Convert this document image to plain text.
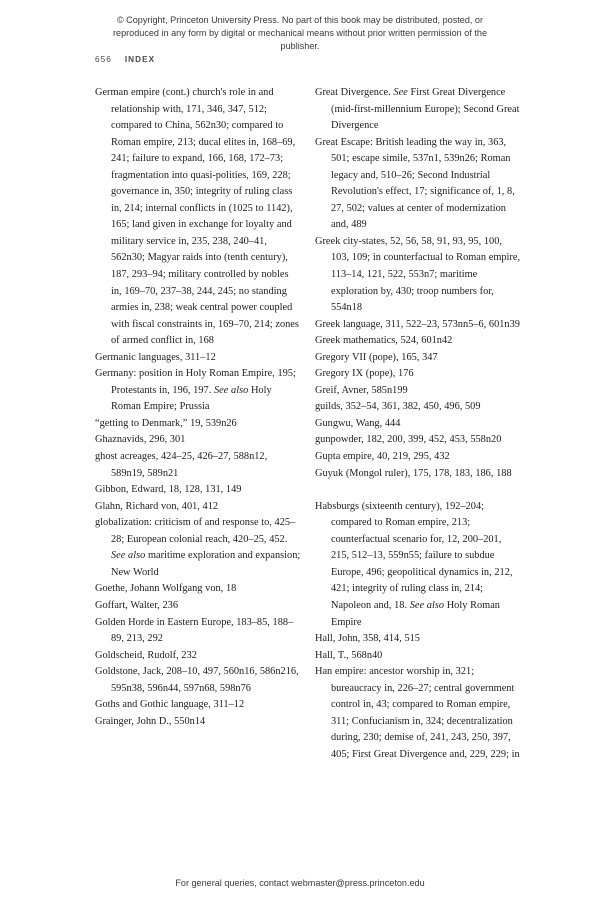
© Copyright, Princeton University Press. No part of this book may be distributed, posted, or reproduced in any form by digital or mechanical means without prior written permission of the publisher.
656 INDEX

German empire (cont.) church's role in and relationship with, 171, 346, 347, 512; compared to China, 562n30; compared to Roman empire, 213; ducal elites in, 168–69, 241; failure to expand, 166, 168, 172–73; fragmentation into quasi-polities, 169, 228; governance in, 350; integrity of ruling class in, 214; internal conflicts in (1025 to 1142), 165; land given in exchange for loyalty and military service in, 235, 238, 240–41, 562n30; Magyar raids into (tenth century), 187, 293–94; military controlled by nobles in, 169–70, 237–38, 244, 245; no standing armies in, 238; weak central power coupled with fiscal constraints in, 169–70, 214; zones of armed conflict in, 168

Germanic languages, 311–12

Germany: position in Holy Roman Empire, 195; Protestants in, 196, 197. See also Holy Roman Empire; Prussia

“getting to Denmark,” 19, 539n26

Ghaznavids, 296, 301

ghost acreages, 424–25, 426–27, 588n12, 589n19, 589n21

Gibbon, Edward, 18, 128, 131, 149

Glahn, Richard von, 401, 412

globalization: criticism of and response to, 425–28; European colonial reach, 420–25, 452. See also maritime exploration and expansion; New World

Goethe, Johann Wolfgang von, 18

Goffart, Walter, 236

Golden Horde in Eastern Europe, 183–85, 188–89, 213, 292

Goldscheid, Rudolf, 232

Goldstone, Jack, 208–10, 497, 560n16, 586n216, 595n38, 596n44, 597n68, 598n76

Goths and Gothic language, 311–12

Grainger, John D., 550n14

Great Divergence. See First Great Divergence (mid-first-millennium Europe); Second Great Divergence

Great Escape: British leading the way in, 363, 501; escape simile, 537n1, 539n26; Roman legacy and, 510–26; Second Industrial Revolution's effect, 17; significance of, 1, 8, 27, 502; values at center of modernization and, 489

Greek city-states, 52, 56, 58, 91, 93, 95, 100, 103, 109; in counterfactual to Roman empire, 113–14, 121, 522, 553n7; maritime exploration by, 430; troop numbers for, 554n18

Greek language, 311, 522–23, 573nn5–6, 601n39

Greek mathematics, 524, 601n42

Gregory VII (pope), 165, 347

Gregory IX (pope), 176

Greif, Avner, 585n199

guilds, 352–54, 361, 382, 450, 496, 509

Gungwu, Wang, 444

gunpowder, 182, 200, 399, 452, 453, 558n20

Gupta empire, 40, 219, 295, 432

Guyuk (Mongol ruler), 175, 178, 183, 186, 188

Habsburgs (sixteenth century), 192–204; compared to Roman empire, 213; counterfactual scenario for, 12, 200–201, 215, 512–13, 559n55; failure to subdue Europe, 496; geopolitical dynamics in, 212, 421; integrity of ruling class in, 214; Napoleon and, 18. See also Holy Roman Empire

Hall, John, 358, 414, 515

Hall, T., 568n40

Han empire: ancestor worship in, 321; bureaucracy in, 226–27; central government control in, 43; compared to Roman empire, 311; Confucianism in, 324; decentralization during, 230; demise of, 241, 243, 250, 397, 405; First Great Divergence and, 229, 229; in

For general queries, contact webmaster@press.princeton.edu
